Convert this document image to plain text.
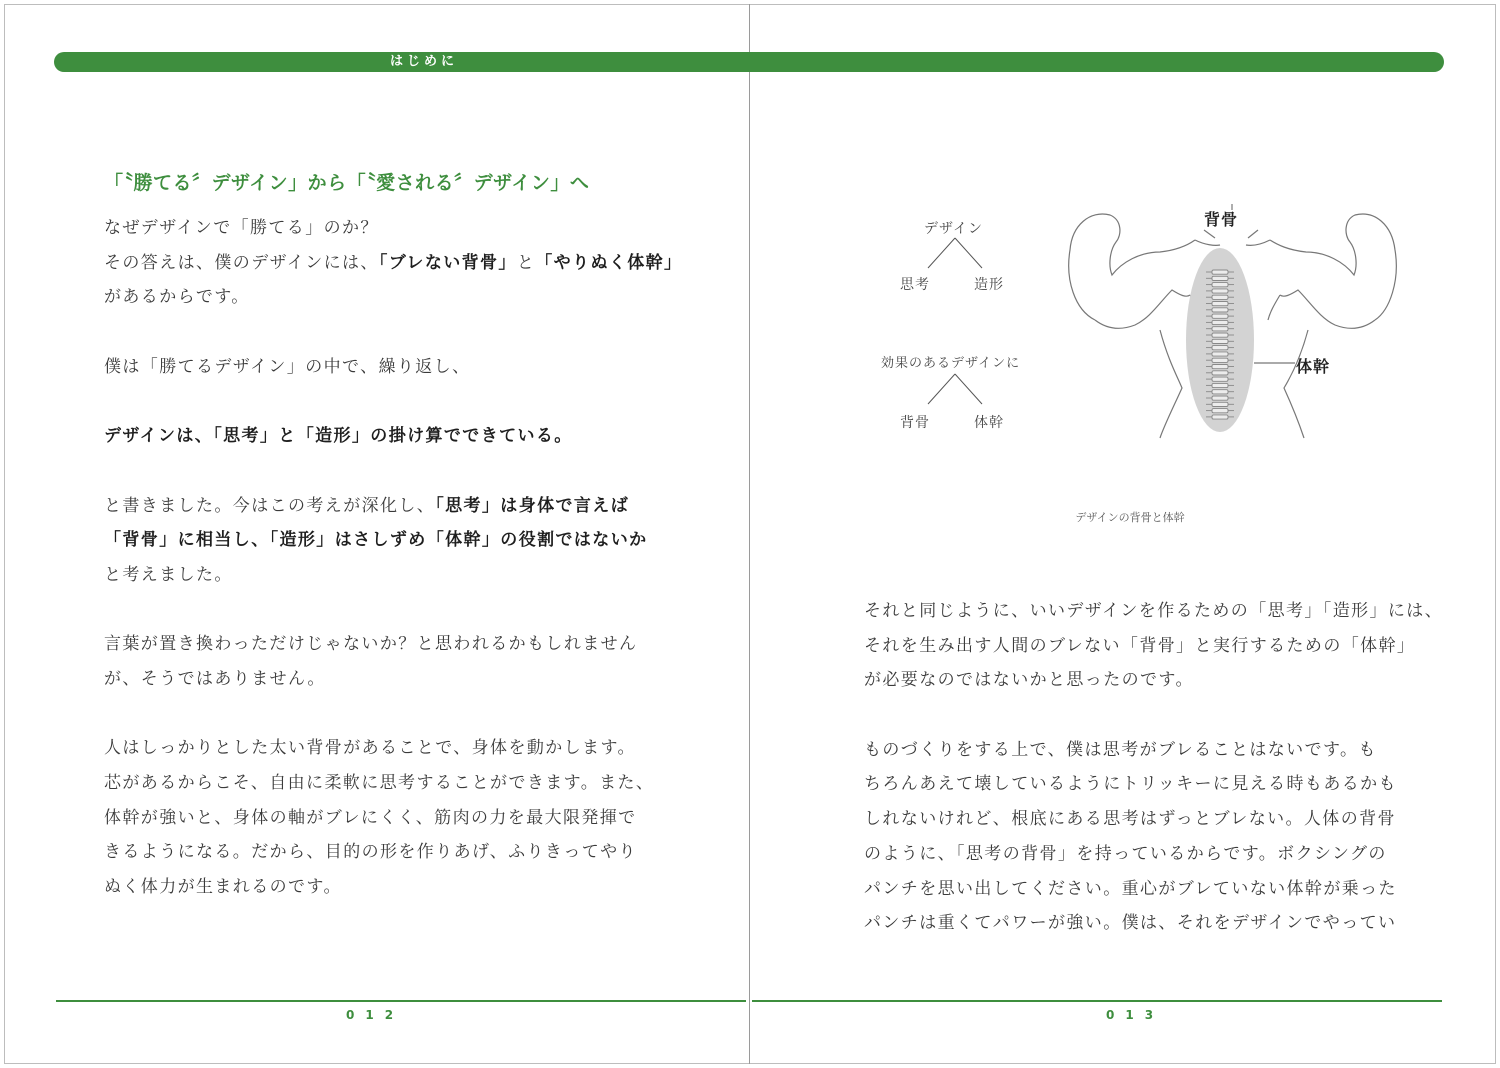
はじめに
「〝勝てる〞デザイン」から「〝愛される〞デザイン」へ
なぜデザインで「勝てる」のか？
その答えは、僕のデザインには、「ブレない背骨」と「やりぬく体幹」
があるからです。
僕は「勝てるデザイン」の中で、繰り返し、
デザインは、「思考」と「造形」の掛け算でできている。
と書きました。今はこの考えが深化し、「思考」は身体で言えば
「背骨」に相当し、「造形」はさしずめ「体幹」の役割ではないか
と考えました。
言葉が置き換わっただけじゃないか？と思われるかもしれません
が、そうではありません。
人はしっかりとした太い背骨があることで、身体を動かします。
芯があるからこそ、自由に柔軟に思考することができます。また、
体幹が強いと、身体の軸がブレにくく、筋肉の力を最大限発揮で
きるようになる。だから、目的の形を作りあげ、ふりきってやり
ぬく体力が生まれるのです。
デザイン
思考	造形
効果のあるデザインに
背骨	体幹
背骨
体幹
デザインの背骨と体幹
それと同じように、いいデザインを作るための「思考」「造形」には、
それを生み出す人間のブレない「背骨」と実行するための「体幹」
が必要なのではないかと思ったのです。
ものづくりをする上で、僕は思考がブレることはないです。も
ちろんあえて壊しているようにトリッキーに見える時もあるかも
しれないけれど、根底にある思考はずっとブレない。人体の背骨
のように、「思考の背骨」を持っているからです。ボクシングの
パンチを思い出してください。重心がブレていない体幹が乗った
パンチは重くてパワーが強い。僕は、それをデザインでやってい
012	013
